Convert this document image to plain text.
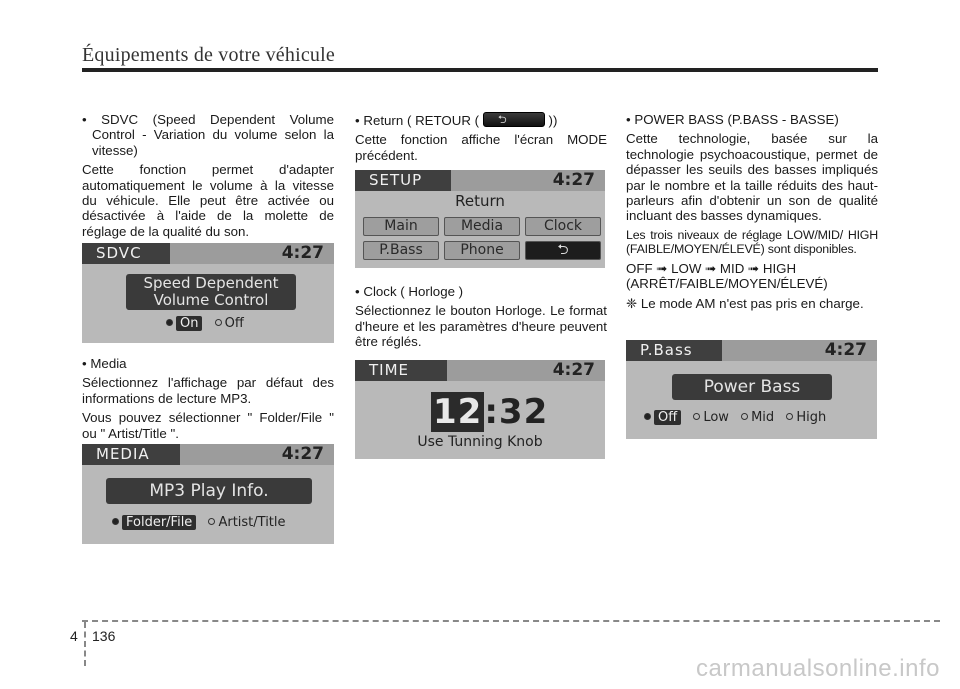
Équipements de votre véhicule

• SDVC (Speed Dependent Volume Control - Variation du volume selon la vitesse)

Cette fonction permet d'adapter automatiquement le volume à la vitesse du véhicule. Elle peut être activée ou désactivée à l'aide de la molette de réglage de la qualité du son.

SDVC	4:27
Speed Dependent
Volume Control
On Off

• Media

Sélectionnez l'affichage par défaut des informations de lecture MP3.

Vous pouvez sélectionner " Folder/File " ou " Artist/Title ".

MEDIA	4:27
MP3 Play Info.
Folder/File Artist/Title

• Return ( RETOUR ( ⮌	))

Cette fonction affiche l'écran MODE précédent.

SETUP	4:27
Return
Main	Media	Clock
P.Bass	Phone	⮌

• Clock ( Horloge )

Sélectionnez le bouton Horloge. Le format d'heure et les paramètres d'heure peuvent être réglés.

TIME	4:27
12:32
Use Tunning Knob

• POWER BASS (P.BASS - BASSE)

Cette technologie, basée sur la technologie psychoacoustique, permet de dépasser les seuils des basses impliqués par le nombre et la taille réduits des haut-parleurs afin d'obtenir un son de qualité incluant des basses dynamiques.

Les trois niveaux de réglage LOW/MID/ HIGH (FAIBLE/MOYEN/ÉLEVÉ) sont disponibles.

OFF ➟ LOW ➟ MID ➟ HIGH

(ARRÊT/FAIBLE/MOYEN/ÉLEVÉ)

❈ Le mode AM n'est pas pris en charge.

P.Bass	4:27
Power Bass
Off Low Mid High
4 136
carmanualsonline.info
